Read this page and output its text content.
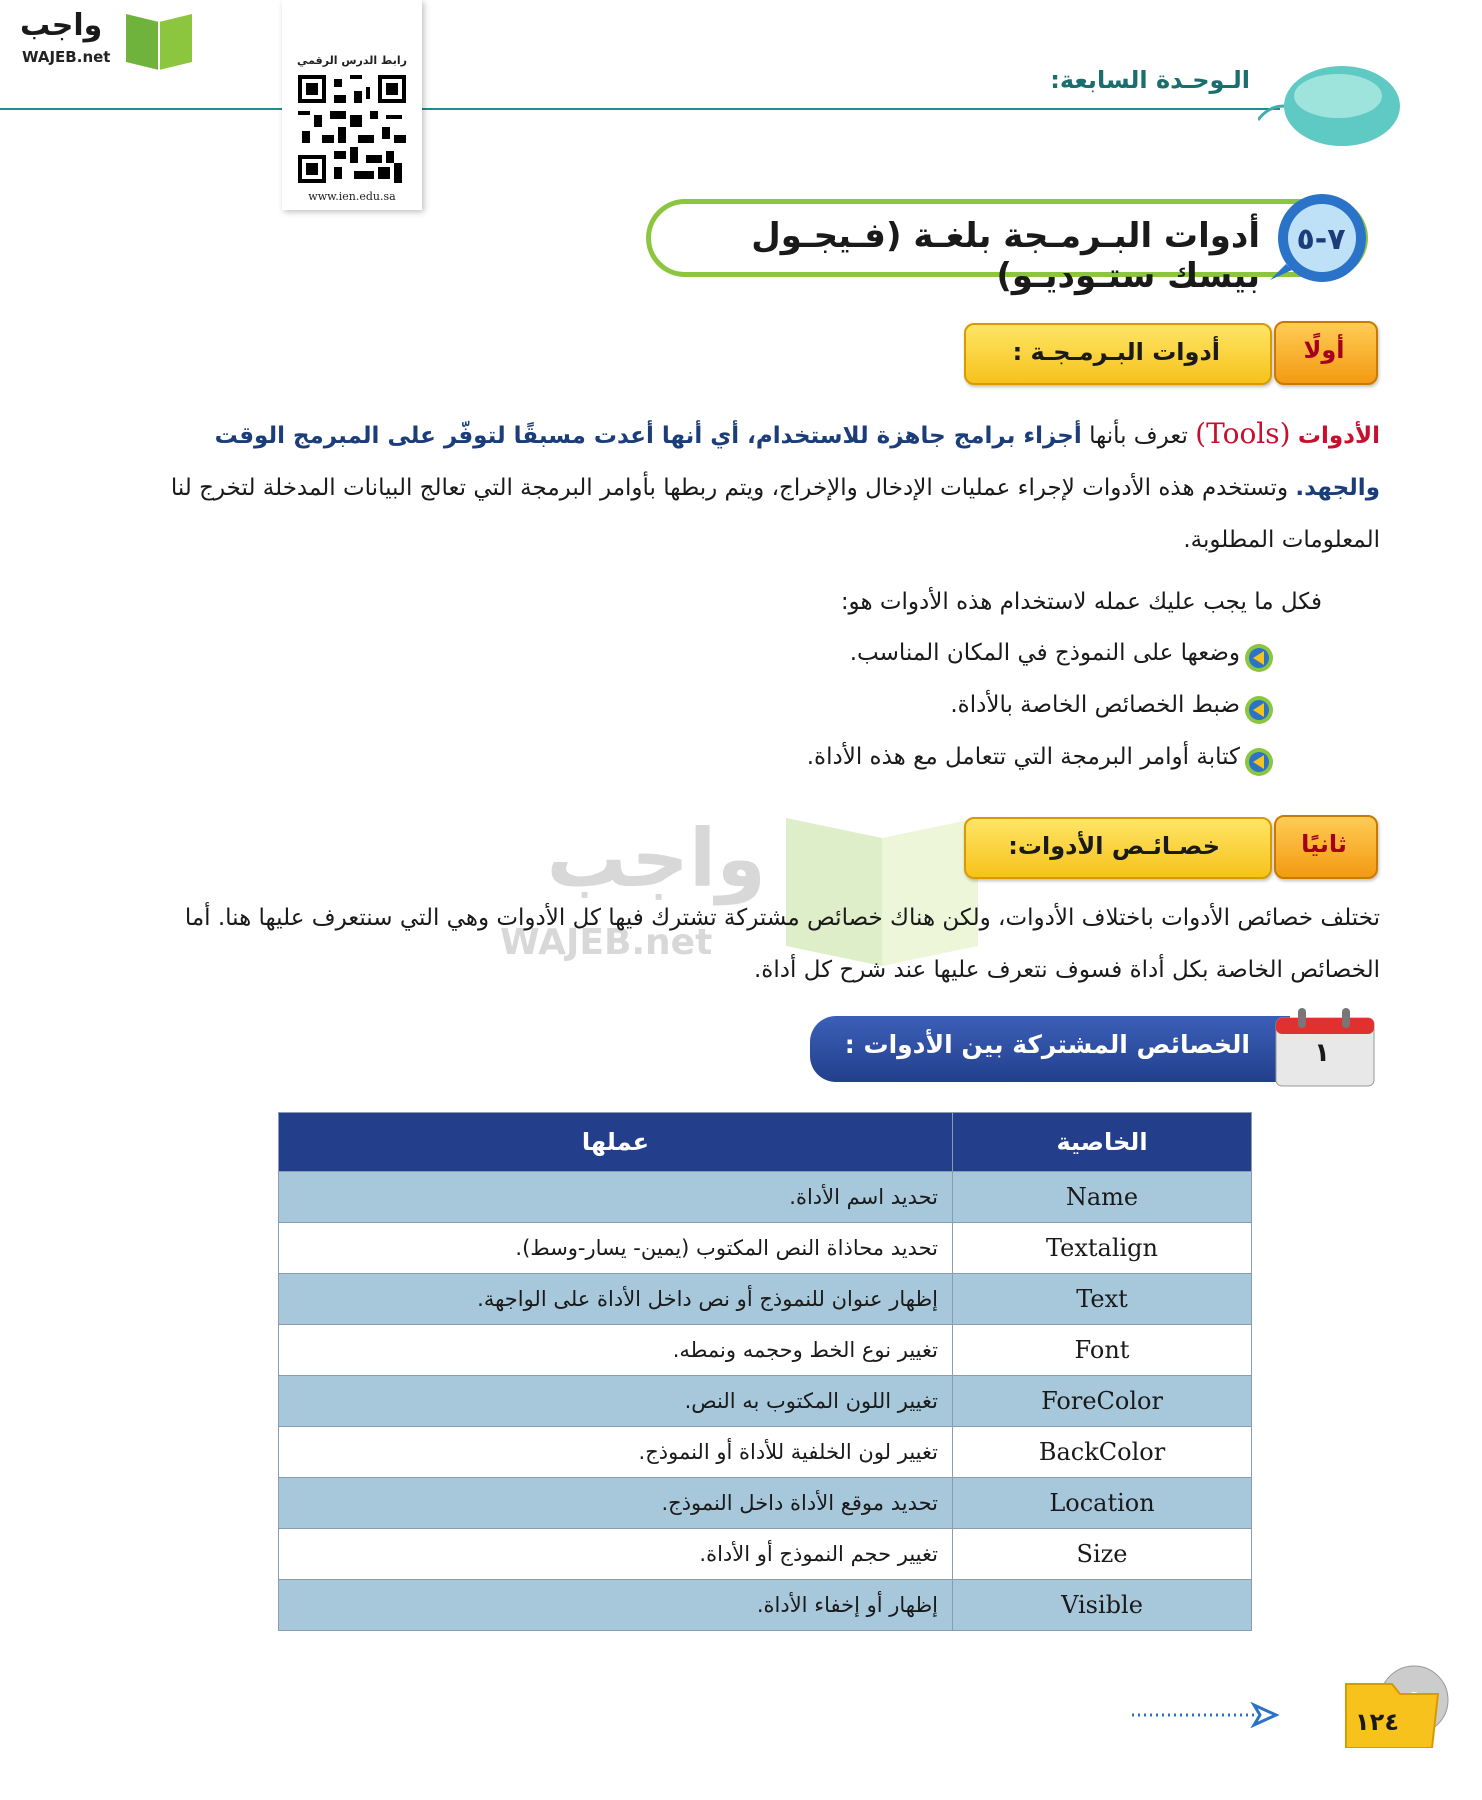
واجب
WAJEB.net
الـوحـدة السابعة:
رابط الدرس الرقمي
www.ien.edu.sa
أدوات البـرمـجة بلغـة (فـيجـول بيسك ستـوديـو)
٧-٥
أدوات البـرمـجـة :	أولًا
الأدوات (Tools) تعرف بأنها أجزاء برامج جاهزة للاستخدام، أي أنها أعدت مسبقًا لتوفّر على المبرمج الوقت والجهد. وتستخدم هذه الأدوات لإجراء عمليات الإدخال والإخراج، ويتم ربطها بأوامر البرمجة التي تعالج البيانات المدخلة لتخرج لنا المعلومات المطلوبة.
فكل ما يجب عليك عمله لاستخدام هذه الأدوات هو:
وضعها على النموذج في المكان المناسب.
ضبط الخصائص الخاصة بالأداة.
كتابة أوامر البرمجة التي تتعامل مع هذه الأداة.
واجب
WAJEB.net
خصـائـص الأدوات:	ثانيًا
تختلف خصائص الأدوات باختلاف الأدوات، ولكن هناك خصائص مشتركة تشترك فيها كل الأدوات وهي التي سنتعرف عليها هنا. أما الخصائص الخاصة بكل أداة فسوف نتعرف عليها عند شرح كل أداة.
الخصائص المشتركة بين الأدوات :	١
الخاصية	عملها
Name	تحديد اسم الأداة.
Textalign	تحديد محاذاة النص المكتوب (يمين- يسار-وسط).
Text	إظهار عنوان للنموذج أو نص داخل الأداة على الواجهة.
Font	تغيير نوع الخط وحجمه ونمطه.
ForeColor	تغيير اللون المكتوب به النص.
BackColor	تغيير لون الخلفية للأداة أو النموذج.
Location	تحديد موقع الأداة داخل النموذج.
Size	تغيير حجم النموذج أو الأداة.
Visible	إظهار أو إخفاء الأداة.
١٢٤
